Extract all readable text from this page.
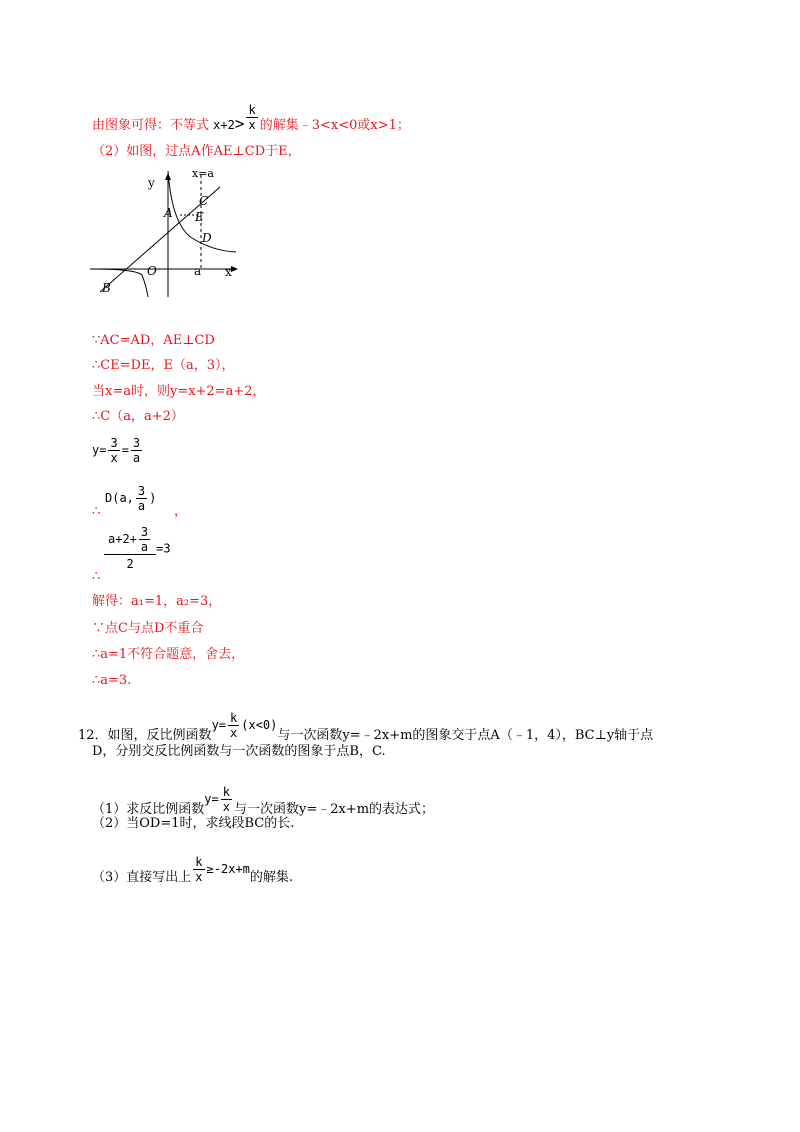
由图象可得：不等式 $x+2> \frac{k}{x}$ 的解集﹣3<x<0或x>1；
（2）如图，过点A作AE⊥CD于E，
y
x
O	a
x=a
A
B
C
D
E
∵AC=AD，AE⊥CD
∴CE=DE，E（a，3），
当x=a时，则y=x+2=a+2，
∴C（a，a+2）
$y= \frac{3}{x} = \frac{3}{a}$
∴
D(a, $\frac{3}{a}$ )
，
∴
$\frac{a+2+ \frac{3}{a}}{2} =3$
解得：a₁=1，a₂=3，
∵点C与点D不重合
∴a=1不符合题意，舍去，
∴a=3.
12．如图，反比例函数$y= \frac{k}{x} (x<0)$与一次函数y=﹣2x+m的图象交于点A（﹣1，4），BC⊥y轴于点
D，分别交反比例函数与一次函数的图象于点B，C.
（1）求反比例函数$y= \frac{k}{x}$ 与一次函数y=﹣2x+m的表达式；
（2）当OD=1时，求线段BC的长.
（3）直接写出上 $\frac{k}{x} \ge-2x+m$的解集.
